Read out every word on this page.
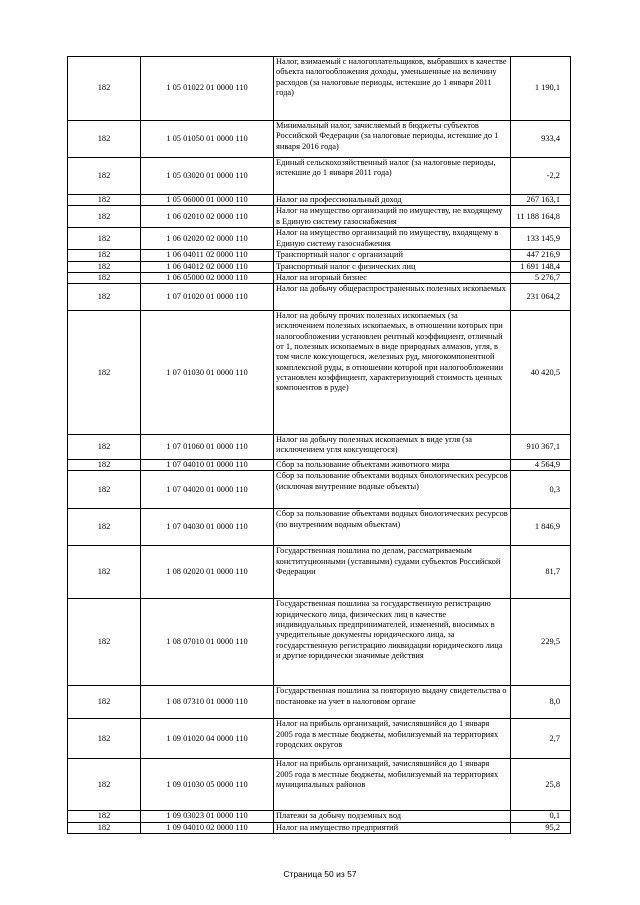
182	1 05 01022 01 0000 110	Налог, взимаемый с налогоплательщиков, выбравших в качестве объекта налогообложения доходы, уменьшенные на величину расходов (за налоговые периоды, истекшие до 1 января 2011 года)	1 190,1
182	1 05 01050 01 0000 110	Минимальный налог, зачисляемый в бюджеты субъектов Российской Федерации (за налоговые периоды, истекшие до 1 января 2016 года)	933,4
182	1 05 03020 01 0000 110	Единый сельскохозяйственный налог (за налоговые периоды, истекшие до 1 января 2011 года)	-2,2
182	1 05 06000 01 0000 110	Налог на профессиональный доход	267 163,1
182	1 06 02010 02 0000 110	Налог на имущество организаций по имуществу, не входящему в Единую систему газоснабжения	11 188 164,8
182	1 06 02020 02 0000 110	Налог на имущество организаций по имуществу, входящему в Единую систему газоснабжения	133 145,9
182	1 06 04011 02 0000 110	Транспортный налог с организаций	447 216,9
182	1 06 04012 02 0000 110	Транспортный налог с физических лиц	1 691 148,4
182	1 06 05000 02 0000 110	Налог на игорный бизнес	5 276,7
182	1 07 01020 01 0000 110	Налог на добычу общераспространенных полезных ископаемых	231 064,2
182	1 07 01030 01 0000 110	Налог на добычу прочих полезных ископаемых (за исключением полезных ископаемых, в отношении которых при налогообложении установлен рентный коэффициент, отличный от 1, полезных ископаемых в виде природных алмазов, угля, в том числе коксующегося, железных руд, многокомпонентной комплексной руды, в отношении которой при налогообложении установлен коэффициент, характеризующий стоимость ценных компонентов в руде)	40 420,5
182	1 07 01060 01 0000 110	Налог на добычу полезных ископаемых в виде угля (за исключением угля коксующегося)	910 367,1
182	1 07 04010 01 0000 110	Сбор за пользование объектами животного мира	4 564,9
182	1 07 04020 01 0000 110	Сбор за пользование объектами водных биологических ресурсов (исключая внутренние водные объекты)	0,3
182	1 07 04030 01 0000 110	Сбор за пользование объектами водных биологических ресурсов (по внутренним водным объектам)	1 846,9
182	1 08 02020 01 0000 110	Государственная пошлина по делам, рассматриваемым конституционными (уставными) судами субъектов Российской Федерации	81,7
182	1 08 07010 01 0000 110	Государственная пошлина за государственную регистрацию юридического лица, физических лиц в качестве индивидуальных предпринимателей, изменений, вносимых в учредительные документы юридического лица, за государственную регистрацию ликвидации юридического лица и другие юридически значимые действия	229,5
182	1 08 07310 01 0000 110	Государственная пошлина за повторную выдачу свидетельства о постановке на учет в налоговом органе	8,0
182	1 09 01020 04 0000 110	Налог на прибыль организаций, зачислявшийся до 1 января 2005 года в местные бюджеты, мобилизуемый на территориях городских округов	2,7
182	1 09 01030 05 0000 110	Налог на прибыль организаций, зачислявшийся до 1 января 2005 года в местные бюджеты, мобилизуемый на территориях муниципальных районов	25,8
182	1 09 03023 01 0000 110	Платежи за добычу подземных вод	0,1
182	1 09 04010 02 0000 110	Налог на имущество предприятий	95,2
Страница 50 из 57
